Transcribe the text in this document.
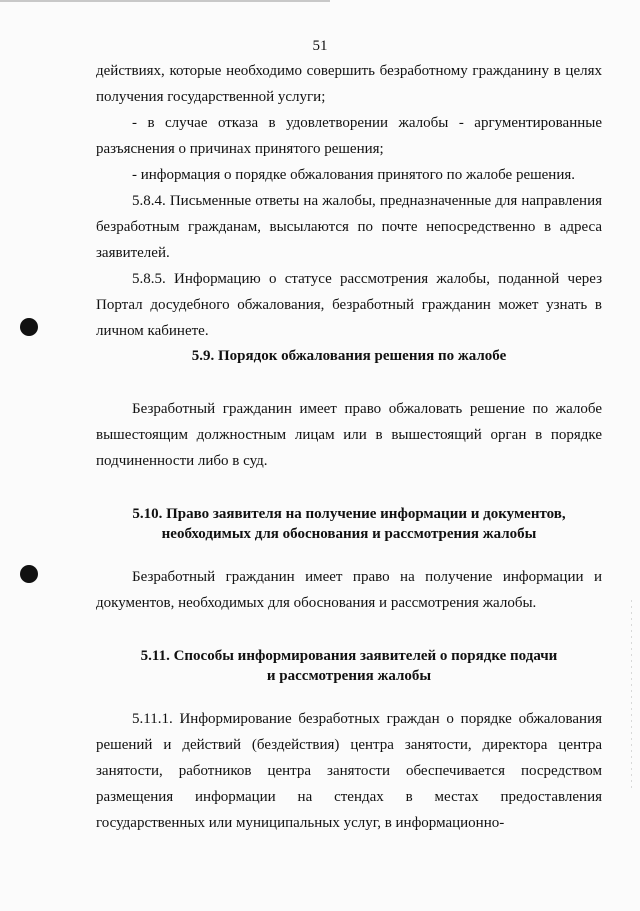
51

действиях, которые необходимо совершить безработному гражданину в целях получения государственной услуги;

- в случае отказа в удовлетворении жалобы - аргументированные разъяснения о причинах принятого решения;

- информация о порядке обжалования принятого по жалобе решения.

5.8.4. Письменные ответы на жалобы, предназначенные для направления безработным гражданам, высылаются по почте непосредственно в адреса заявителей.

5.8.5. Информацию о статусе рассмотрения жалобы, поданной через Портал досудебного обжалования, безработный гражданин может узнать в личном кабинете.

5.9. Порядок обжалования решения по жалобе

Безработный гражданин имеет право обжаловать решение по жалобе вышестоящим должностным лицам или в вышестоящий орган в порядке подчиненности либо в суд.

5.10. Право заявителя на получение информации и документов,

необходимых для обоснования и рассмотрения жалобы

Безработный гражданин имеет право на получение информации и документов, необходимых для обоснования и рассмотрения жалобы.

5.11. Способы информирования заявителей о порядке подачи

и рассмотрения жалобы

5.11.1. Информирование безработных граждан о порядке обжалования решений и действий (бездействия) центра занятости, директора центра занятости, работников центра занятости обеспечивается посредством размещения информации на стендах в местах предоставления государственных или муниципальных услуг, в информационно-
